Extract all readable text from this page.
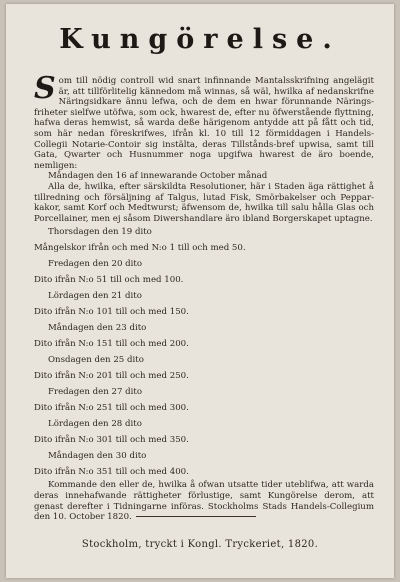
Kungörelse.

Som till nödig controll wid snart infinnande Mantalsskrifning angelägit är, att tillförlitelig kännedom må winnas, så wäl, hwilka af nedanskrifne Näringsidkare ännu lefwa, och de dem en hwar förunnande Närings-friheter sielfwe utöfwa, som ock, hwarest de, efter nu öfwerstående flyttning, hafwa deras hemwist, så warda deße härigenom antydde att på fått och tid, som här nedan föreskrifwes, ifrån kl. 10 till 12 förmiddagen i Handels-Collegii Notarie-Contoir sig instälta, deras Tillstånds-bref upwisa, samt till Gata, Qwarter och Husnummer noga upgifwa hwarest de äro boende, nemligen:

Måndagen den 16 af innewarande October månad

Alla de, hwilka, efter särskildta Resolutioner, här i Staden äga rättighet å tillredning och försäljning af Talgus, lutad Fisk, Smörbakelser och Peppar-kakor, samt Korf och Medtwurst; äfwensom de, hwilka till salu hålla Glas och Porcellainer, men ej såsom Diwershandlare äro ibland Borgerskapet uptagne.

Thorsdagen den 19 dito
Mångelskor ifrån och med N:o 1 till och med 50.
Fredagen den 20 dito
Dito ifrån N:o 51 till och med 100.
Lördagen den 21 dito
Dito ifrån N:o 101 till och med 150.
Måndagen den 23 dito
Dito ifrån N:o 151 till och med 200.
Onsdagen den 25 dito
Dito ifrån N:o 201 till och med 250.
Fredagen den 27 dito
Dito ifrån N:o 251 till och med 300.
Lördagen den 28 dito
Dito ifrån N:o 301 till och med 350.
Måndagen den 30 dito
Dito ifrån N:o 351 till och med 400.

Kommande den eller de, hwilka å ofwan utsatte tider uteblifwa, att warda deras innehafwande rättigheter förlustige, samt Kungörelse derom, att genast derefter i Tidningarne införas. Stockholms Stads Handels-Collegium den 10. October 1820.

Stockholm, tryckt i Kongl. Tryckeriet, 1820.
